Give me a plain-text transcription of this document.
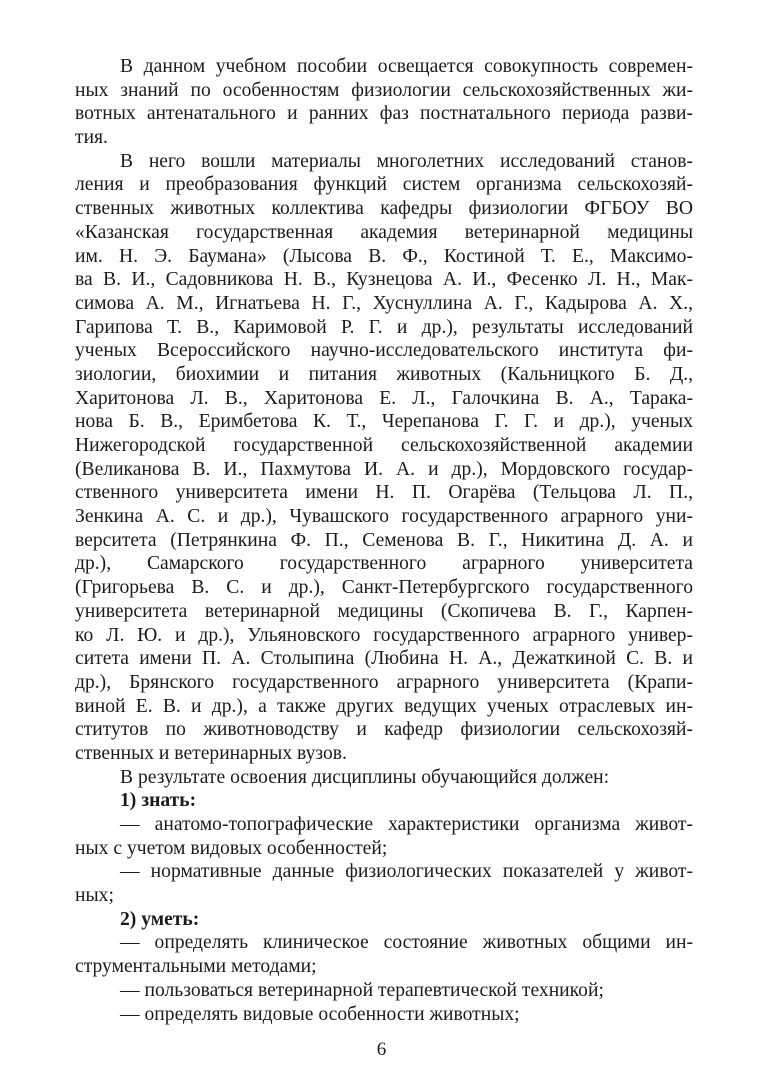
В данном учебном пособии освещается совокупность современ-
ных знаний по особенностям физиологии сельскохозяйственных жи-
вотных антенатального и ранних фаз постнатального периода разви-
тия.
В него вошли материалы многолетних исследований станов-
ления и преобразования функций систем организма сельскохозяй-
ственных животных коллектива кафедры физиологии ФГБОУ ВО
«Казанская государственная академия ветеринарной медицины
им. Н. Э. Баумана» (Лысова В. Ф., Костиной Т. Е., Максимо-
ва В. И., Садовникова Н. В., Кузнецова А. И., Фесенко Л. Н., Мак-
симова А. М., Игнатьева Н. Г., Хуснуллина А. Г., Кадырова А. Х.,
Гарипова Т. В., Каримовой Р. Г. и др.), результаты исследований
ученых Всероссийского научно-исследовательского института фи-
зиологии, биохимии и питания животных (Кальницкого Б. Д.,
Харитонова Л. В., Харитонова Е. Л., Галочкина В. А., Тарака-
нова Б. В., Еримбетова К. Т., Черепанова Г. Г. и др.), ученых
Нижегородской государственной сельскохозяйственной академии
(Великанова В. И., Пахмутова И. А. и др.), Мордовского государ-
ственного университета имени Н. П. Огарёва (Тельцова Л. П.,
Зенкина А. С. и др.), Чувашского государственного аграрного уни-
верситета (Петрянкина Ф. П., Семенова В. Г., Никитина Д. А. и
др.), Самарского государственного аграрного университета
(Григорьева В. С. и др.), Санкт-Петербургского государственного
университета ветеринарной медицины (Скопичева В. Г., Карпен-
ко Л. Ю. и др.), Ульяновского государственного аграрного универ-
ситета имени П. А. Столыпина (Любина Н. А., Дежаткиной С. В. и
др.), Брянского государственного аграрного университета (Крапи-
виной Е. В. и др.), а также других ведущих ученых отраслевых ин-
ститутов по животноводству и кафедр физиологии сельскохозяй-
ственных и ветеринарных вузов.
В результате освоения дисциплины обучающийся должен:
1) знать:
— анатомо-топографические характеристики организма живот-
ных с учетом видовых особенностей;
— нормативные данные физиологических показателей у живот-
ных;
2) уметь:
— определять клиническое состояние животных общими ин-
струментальными методами;
— пользоваться ветеринарной терапевтической техникой;
— определять видовые особенности животных;
6
